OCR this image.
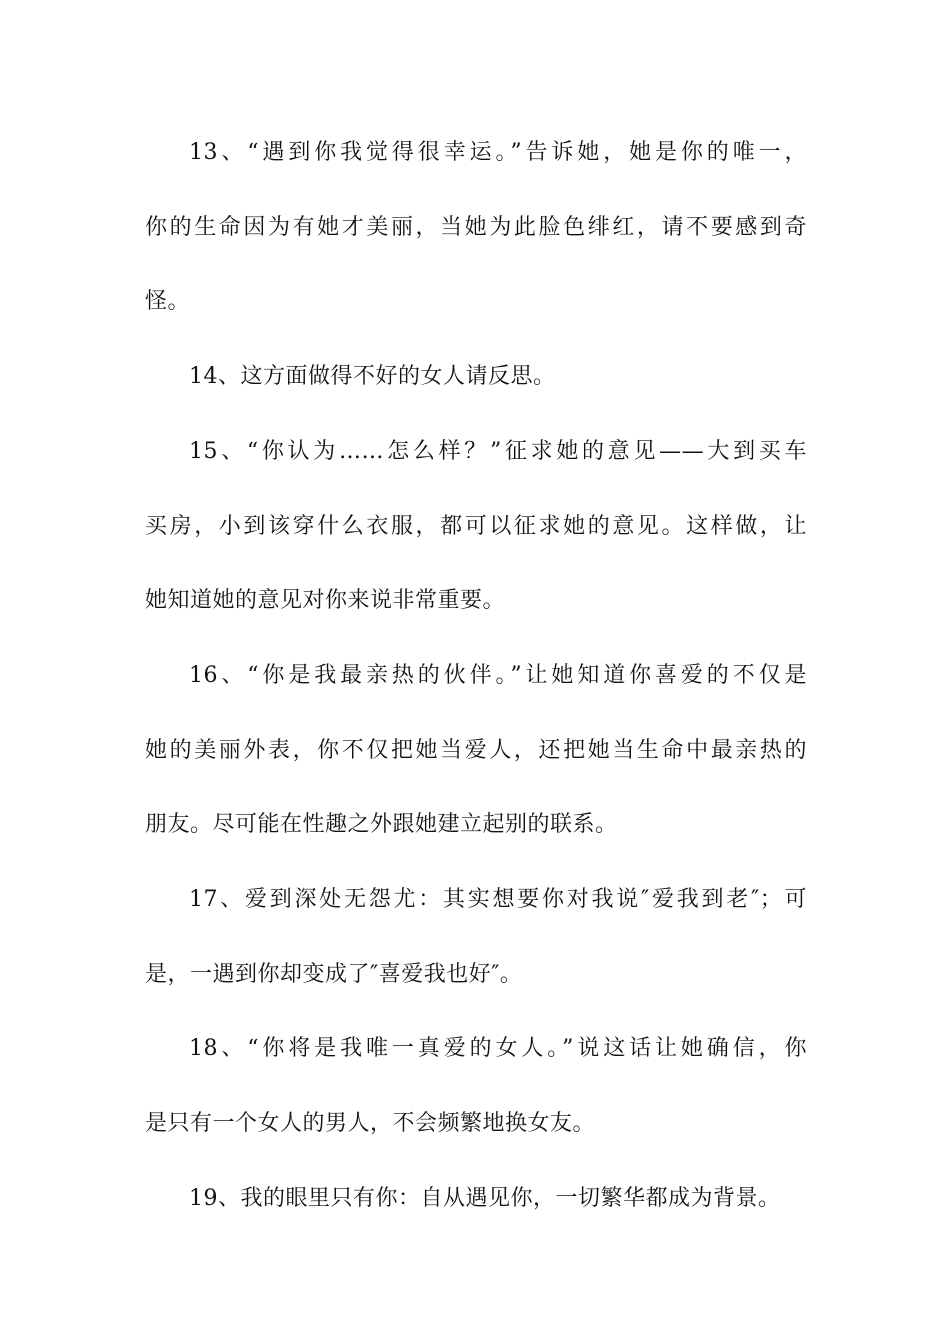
13、“遇到你我觉得很幸运。”告诉她，她是你的唯一，
你的生命因为有她才美丽，当她为此脸色绯红，请不要感到奇
怪。
14、这方面做得不好的女人请反思。
15、“你认为……怎么样？”征求她的意见——大到买车
买房，小到该穿什么衣服，都可以征求她的意见。这样做，让
她知道她的意见对你来说非常重要。
16、“你是我最亲热的伙伴。”让她知道你喜爱的不仅是
她的美丽外表，你不仅把她当爱人，还把她当生命中最亲热的
朋友。尽可能在性趣之外跟她建立起别的联系。
17、爱到深处无怨尤：其实想要你对我说″爱我到老″；可
是，一遇到你却变成了″喜爱我也好″。
18、“你将是我唯一真爱的女人。”说这话让她确信，你
是只有一个女人的男人，不会频繁地换女友。
19、我的眼里只有你：自从遇见你，一切繁华都成为背景。
